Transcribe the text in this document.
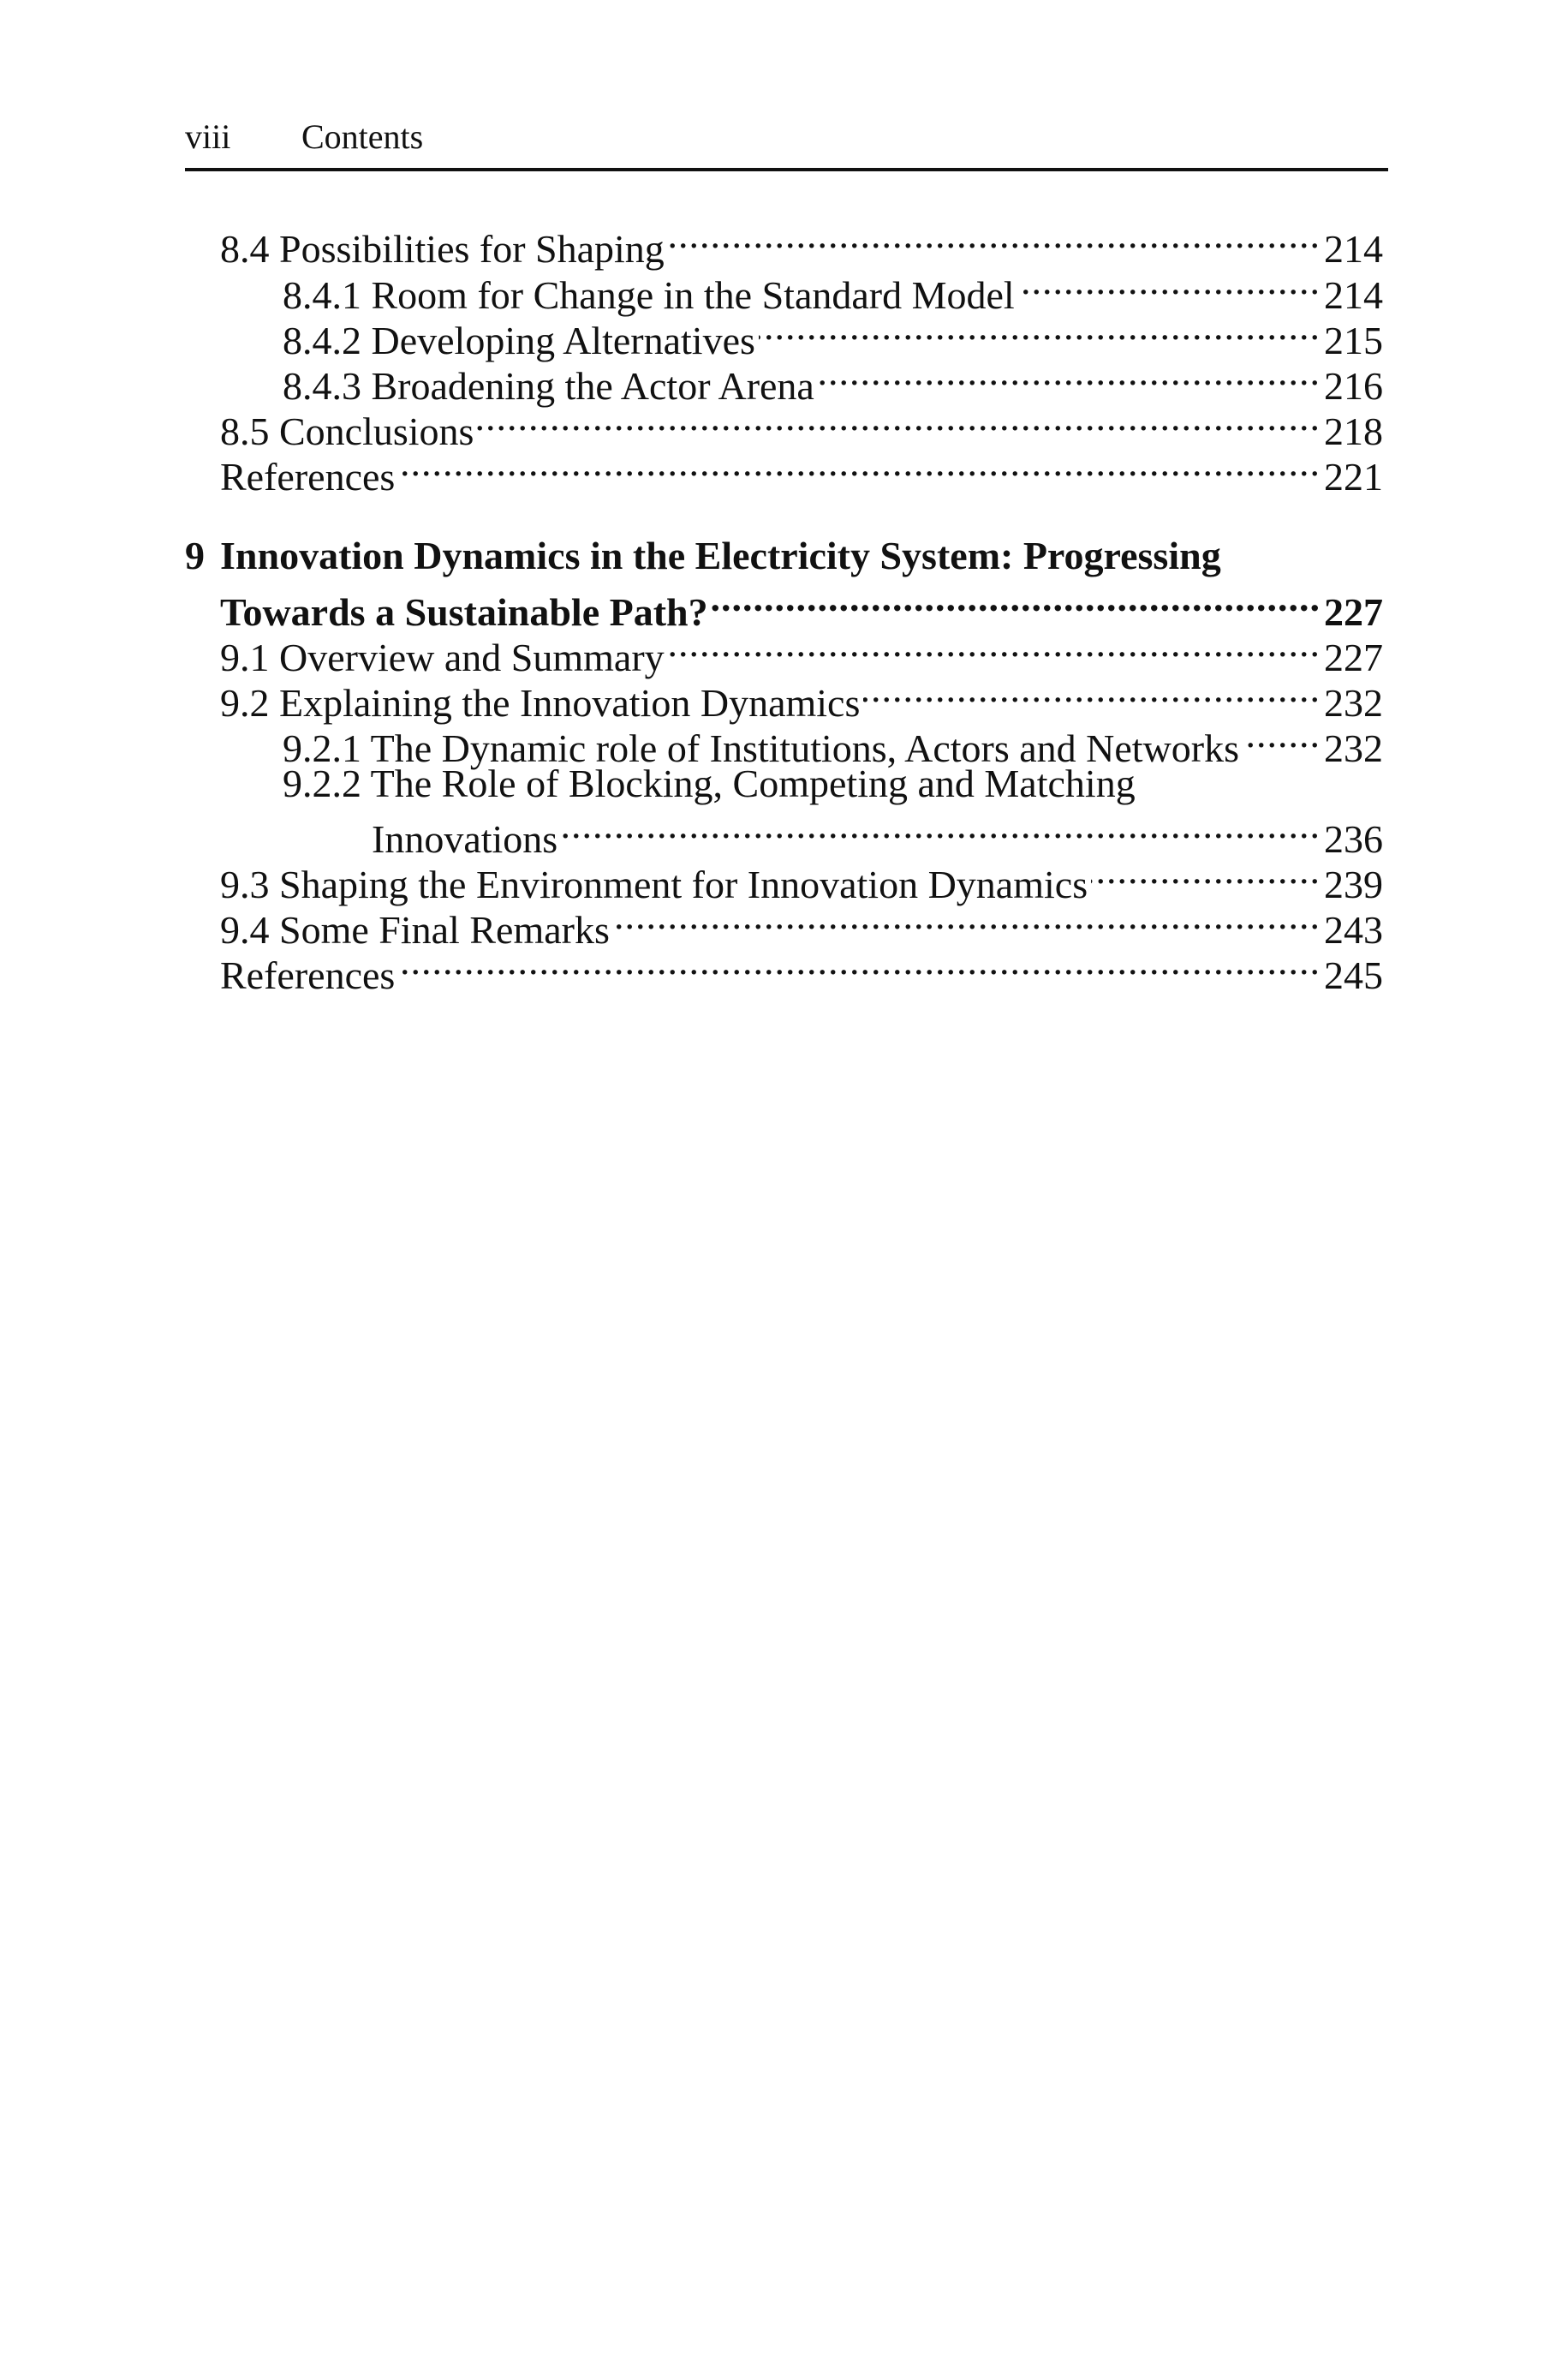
viii Contents
8.4 Possibilities for Shaping .....	214
8.4.1 Room for Change in the Standard Model .....	214
8.4.2 Developing Alternatives .....	215
8.4.3 Broadening the Actor Arena .....	216
8.5 Conclusions .....	218
References .....	221
9 Innovation Dynamics in the Electricity System: Progressing
Towards a Sustainable Path? .....	227
9.1 Overview and Summary .....	227
9.2 Explaining the Innovation Dynamics .....	232
9.2.1 The Dynamic role of Institutions, Actors and Networks ..... 232
9.2.2 The Role of Blocking, Competing and Matching
Innovations .....	236
9.3 Shaping the Environment for Innovation Dynamics .....	239
9.4 Some Final Remarks .....	243
References .....	245
